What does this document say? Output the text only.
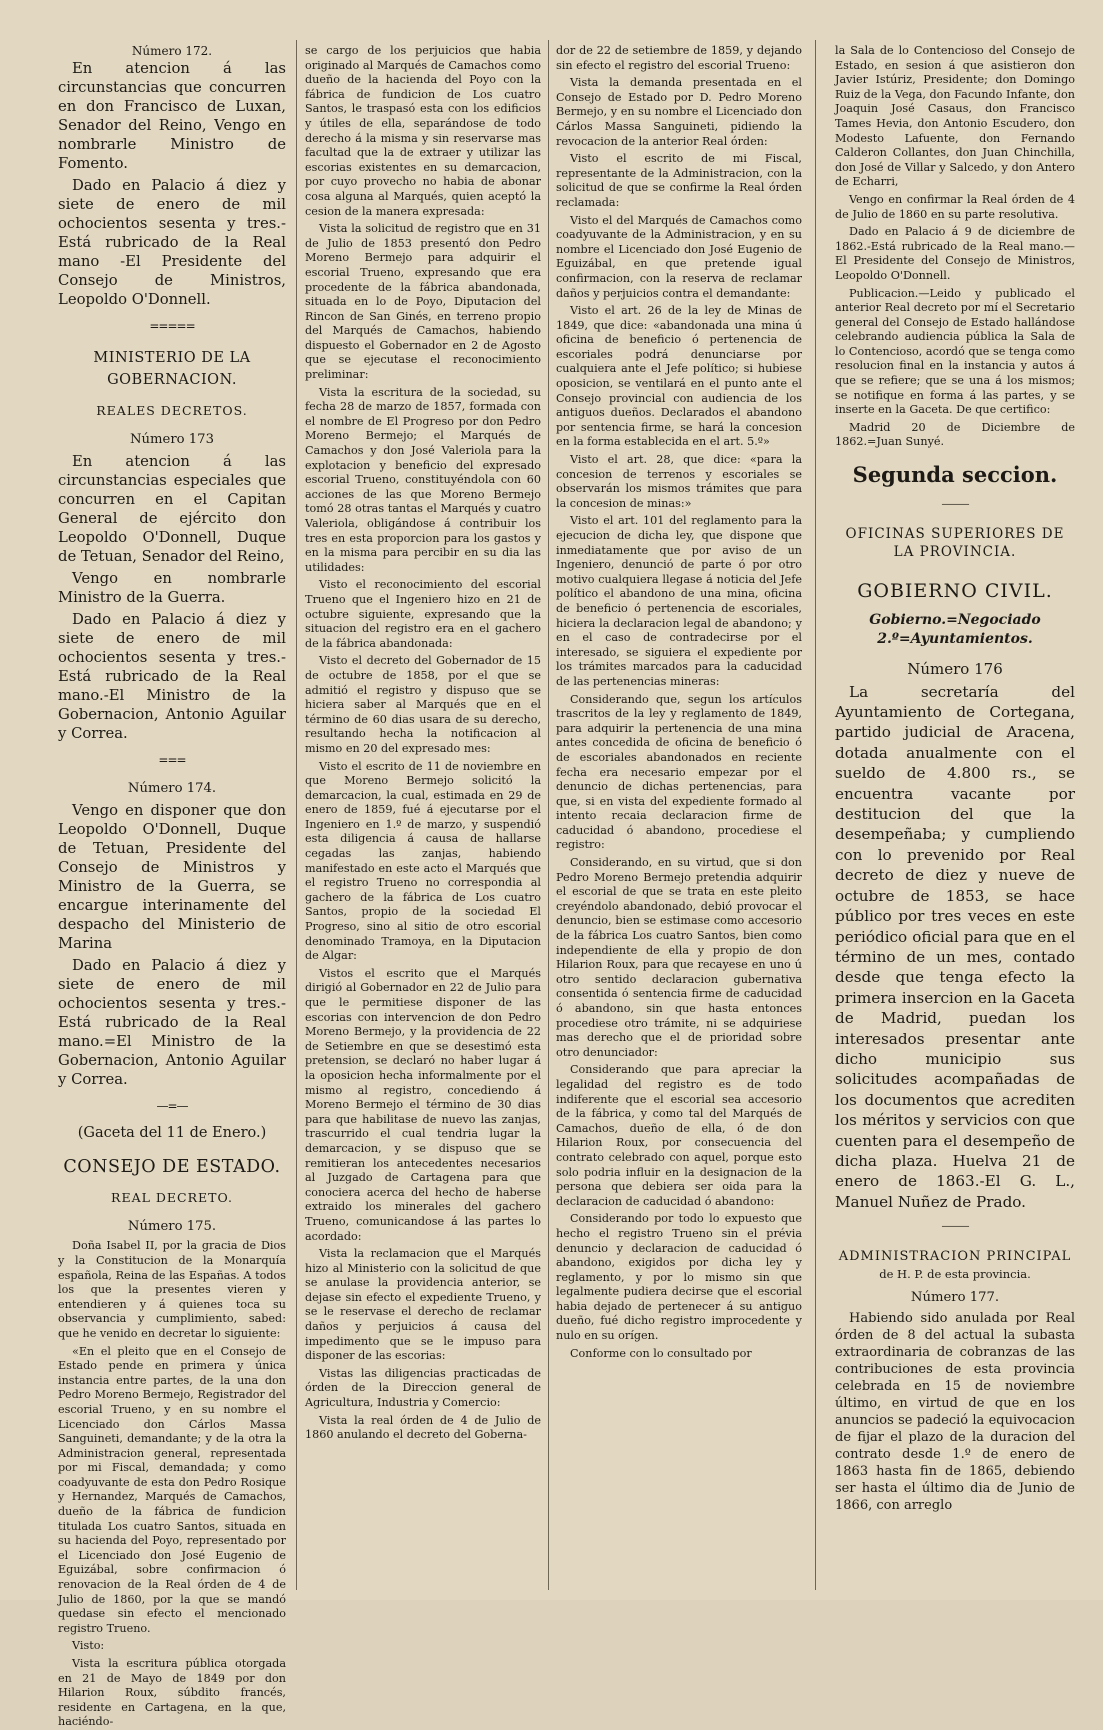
Número 172.

En atencion á las circunstancias que concurren en don Francisco de Luxan, Senador del Reino, Vengo en nombrarle Ministro de Fomento.

Dado en Palacio á diez y siete de enero de mil ochocientos sesenta y tres.-Está rubricado de la Real mano -El Presidente del Consejo de Ministros, Leopoldo O'Donnell.

=====
MINISTERIO DE LA GOBERNACION.
REALES DECRETOS.
Número 173

En atencion á las circunstancias especiales que concurren en el Capitan General de ejército don Leopoldo O'Donnell, Duque de Tetuan, Senador del Reino,

Vengo en nombrarle Ministro de la Guerra.

Dado en Palacio á diez y siete de enero de mil ochocientos sesenta y tres.-Está rubricado de la Real mano.-El Ministro de la Gobernacion, Antonio Aguilar y Correa.

===
Número 174.

Vengo en disponer que don Leopoldo O'Donnell, Duque de Tetuan, Presidente del Consejo de Ministros y Ministro de la Guerra, se encargue interinamente del despacho del Ministerio de Marina

Dado en Palacio á diez y siete de enero de mil ochocientos sesenta y tres.-Está rubricado de la Real mano.=El Ministro de la Gobernacion, Antonio Aguilar y Correa.

—=—
(Gaceta del 11 de Enero.)
CONSEJO DE ESTADO.
REAL DECRETO.
Número 175.

Doña Isabel II, por la gracia de Dios y la Constitucion de la Monarquía española, Reina de las Españas. A todos los que la presentes vieren y entendieren y á quienes toca su observancia y cumplimiento, sabed: que he venido en decretar lo siguiente:

«En el pleito que en el Consejo de Estado pende en primera y única instancia entre partes, de la una don Pedro Moreno Bermejo, Registrador del escorial Trueno, y en su nombre el Licenciado don Cárlos Massa Sanguineti, demandante; y de la otra la Administracion general, representada por mi Fiscal, demandada; y como coadyuvante de esta don Pedro Rosique y Hernandez, Marqués de Camachos, dueño de la fábrica de fundicion titulada Los cuatro Santos, situada en su hacienda del Poyo, representado por el Licenciado don José Eugenio de Eguizábal, sobre confirmacion ó renovacion de la Real órden de 4 de Julio de 1860, por la que se mandó quedase sin efecto el mencionado registro Trueno.

Visto:

Vista la escritura pública otorgada en 21 de Mayo de 1849 por don Hilarion Roux, súbdito francés, residente en Cartagena, en la que, haciéndo-

se cargo de los perjuicios que habia originado al Marqués de Camachos como dueño de la hacienda del Poyo con la fábrica de fundicion de Los cuatro Santos, le traspasó esta con los edificios y útiles de ella, separándose de todo derecho á la misma y sin reservarse mas facultad que la de extraer y utilizar las escorias existentes en su demarcacion, por cuyo provecho no habia de abonar cosa alguna al Marqués, quien aceptó la cesion de la manera expresada:

Vista la solicitud de registro que en 31 de Julio de 1853 presentó don Pedro Moreno Bermejo para adquirir el escorial Trueno, expresando que era procedente de la fábrica abandonada, situada en lo de Poyo, Diputacion del Rincon de San Ginés, en terreno propio del Marqués de Camachos, habiendo dispuesto el Gobernador en 2 de Agosto que se ejecutase el reconocimiento preliminar:

Vista la escritura de la sociedad, su fecha 28 de marzo de 1857, formada con el nombre de El Progreso por don Pedro Moreno Bermejo; el Marqués de Camachos y don José Valeriola para la explotacion y beneficio del expresado escorial Trueno, constituyéndola con 60 acciones de las que Moreno Bermejo tomó 28 otras tantas el Marqués y cuatro Valeriola, obligándose á contribuir los tres en esta proporcion para los gastos y en la misma para percibir en su dia las utilidades:

Visto el reconocimiento del escorial Trueno que el Ingeniero hizo en 21 de octubre siguiente, expresando que la situacion del registro era en el gachero de la fábrica abandonada:

Visto el decreto del Gobernador de 15 de octubre de 1858, por el que se admitió el registro y dispuso que se hiciera saber al Marqués que en el término de 60 dias usara de su derecho, resultando hecha la notificacion al mismo en 20 del expresado mes:

Visto el escrito de 11 de noviembre en que Moreno Bermejo solicitó la demarcacion, la cual, estimada en 29 de enero de 1859, fué á ejecutarse por el Ingeniero en 1.º de marzo, y suspendió esta diligencia á causa de hallarse cegadas las zanjas, habiendo manifestado en este acto el Marqués que el registro Trueno no correspondia al gachero de la fábrica de Los cuatro Santos, propio de la sociedad El Progreso, sino al sitio de otro escorial denominado Tramoya, en la Diputacion de Algar:

Vistos el escrito que el Marqués dirigió al Gobernador en 22 de Julio para que le permitiese disponer de las escorias con intervencion de don Pedro Moreno Bermejo, y la providencia de 22 de Setiembre en que se desestimó esta pretension, se declaró no haber lugar á la oposicion hecha informalmente por el mismo al registro, concediendo á Moreno Bermejo el término de 30 dias para que habilitase de nuevo las zanjas, trascurrido el cual tendria lugar la demarcacion, y se dispuso que se remitieran los antecedentes necesarios al Juzgado de Cartagena para que conociera acerca del hecho de haberse extraido los minerales del gachero Trueno, comunicandose á las partes lo acordado:

Vista la reclamacion que el Marqués hizo al Ministerio con la solicitud de que se anulase la providencia anterior, se dejase sin efecto el expediente Trueno, y se le reservase el derecho de reclamar daños y perjuicios á causa del impedimento que se le impuso para disponer de las escorias:

Vistas las diligencias practicadas de órden de la Direccion general de Agricultura, Industria y Comercio:

Vista la real órden de 4 de Julio de 1860 anulando el decreto del Goberna-

dor de 22 de setiembre de 1859, y dejando sin efecto el registro del escorial Trueno:

Vista la demanda presentada en el Consejo de Estado por D. Pedro Moreno Bermejo, y en su nombre el Licenciado don Cárlos Massa Sanguineti, pidiendo la revocacion de la anterior Real órden:

Visto el escrito de mi Fiscal, representante de la Administracion, con la solicitud de que se confirme la Real órden reclamada:

Visto el del Marqués de Camachos como coadyuvante de la Administracion, y en su nombre el Licenciado don José Eugenio de Eguizábal, en que pretende igual confirmacion, con la reserva de reclamar daños y perjuicios contra el demandante:

Visto el art. 26 de la ley de Minas de 1849, que dice: «abandonada una mina ú oficina de beneficio ó pertenencia de escoriales podrá denunciarse por cualquiera ante el Jefe político; si hubiese oposicion, se ventilará en el punto ante el Consejo provincial con audiencia de los antiguos dueños. Declarados el abandono por sentencia firme, se hará la concesion en la forma establecida en el art. 5.º»

Visto el art. 28, que dice: «para la concesion de terrenos y escoriales se observarán los mismos trámites que para la concesion de minas:»

Visto el art. 101 del reglamento para la ejecucion de dicha ley, que dispone que inmediatamente que por aviso de un Ingeniero, denunció de parte ó por otro motivo cualquiera llegase á noticia del Jefe político el abandono de una mina, oficina de beneficio ó pertenencia de escoriales, hiciera la declaracion legal de abandono; y en el caso de contradecirse por el interesado, se siguiera el expediente por los trámites marcados para la caducidad de las pertenencias mineras:

Considerando que, segun los artículos trascritos de la ley y reglamento de 1849, para adquirir la pertenencia de una mina antes concedida de oficina de beneficio ó de escoriales abandonados en reciente fecha era necesario empezar por el denuncio de dichas pertenencias, para que, si en vista del expediente formado al intento recaia declaracion firme de caducidad ó abandono, procediese el registro:

Considerando, en su virtud, que si don Pedro Moreno Bermejo pretendia adquirir el escorial de que se trata en este pleito creyéndolo abandonado, debió provocar el denuncio, bien se estimase como accesorio de la fábrica Los cuatro Santos, bien como independiente de ella y propio de don Hilarion Roux, para que recayese en uno ú otro sentido declaracion gubernativa consentida ó sentencia firme de caducidad ó abandono, sin que hasta entonces procediese otro trámite, ni se adquiriese mas derecho que el de prioridad sobre otro denunciador:

Considerando que para apreciar la legalidad del registro es de todo indiferente que el escorial sea accesorio de la fábrica, y como tal del Marqués de Camachos, dueño de ella, ó de don Hilarion Roux, por consecuencia del contrato celebrado con aquel, porque esto solo podria influir en la designacion de la persona que debiera ser oida para la declaracion de caducidad ó abandono:

Considerando por todo lo expuesto que hecho el registro Trueno sin el prévia denuncio y declaracion de caducidad ó abandono, exigidos por dicha ley y reglamento, y por lo mismo sin que legalmente pudiera decirse que el escorial habia dejado de pertenecer á su antiguo dueño, fué dicho registro improcedente y nulo en su orígen.

Conforme con lo consultado por

la Sala de lo Contencioso del Consejo de Estado, en sesion á que asistieron don Javier Istúriz, Presidente; don Domingo Ruiz de la Vega, don Facundo Infante, don Joaquin José Casaus, don Francisco Tames Hevia, don Antonio Escudero, don Modesto Lafuente, don Fernando Calderon Collantes, don Juan Chinchilla, don José de Villar y Salcedo, y don Antero de Echarri,

Vengo en confirmar la Real órden de 4 de Julio de 1860 en su parte resolutiva.

Dado en Palacio á 9 de diciembre de 1862.-Está rubricado de la Real mano.—El Presidente del Consejo de Ministros, Leopoldo O'Donnell.

Publicacion.—Leido y publicado el anterior Real decreto por mí el Secretario general del Consejo de Estado hallándose celebrando audiencia pública la Sala de lo Contencioso, acordó que se tenga como resolucion final en la instancia y autos á que se refiere; que se una á los mismos; se notifique en forma á las partes, y se inserte en la Gaceta. De que certifico:

Madrid 20 de Diciembre de 1862.=Juan Sunyé.

Segunda seccion.
———
OFICINAS SUPERIORES DE LA PROVINCIA.
GOBIERNO CIVIL.
Gobierno.=Negociado 2.º=Ayuntamientos.
Número 176

La secretaría del Ayuntamiento de Cortegana, partido judicial de Aracena, dotada anualmente con el sueldo de 4.800 rs., se encuentra vacante por destitucion del que la desempeñaba; y cumpliendo con lo prevenido por Real decreto de diez y nueve de octubre de 1853, se hace público por tres veces en este periódico oficial para que en el término de un mes, contado desde que tenga efecto la primera insercion en la Gaceta de Madrid, puedan los interesados presentar ante dicho municipio sus solicitudes acompañadas de los documentos que acrediten los méritos y servicios con que cuenten para el desempeño de dicha plaza. Huelva 21 de enero de 1863.-El G. L., Manuel Nuñez de Prado.

———
ADMINISTRACION PRINCIPAL
de H. P. de esta provincia.
Número 177.

Habiendo sido anulada por Real órden de 8 del actual la subasta extraordinaria de cobranzas de las contribuciones de esta provincia celebrada en 15 de noviembre último, en virtud de que en los anuncios se padeció la equivocacion de fijar el plazo de la duracion del contrato desde 1.º de enero de 1863 hasta fin de 1865, debiendo ser hasta el último dia de Junio de 1866, con arreglo
